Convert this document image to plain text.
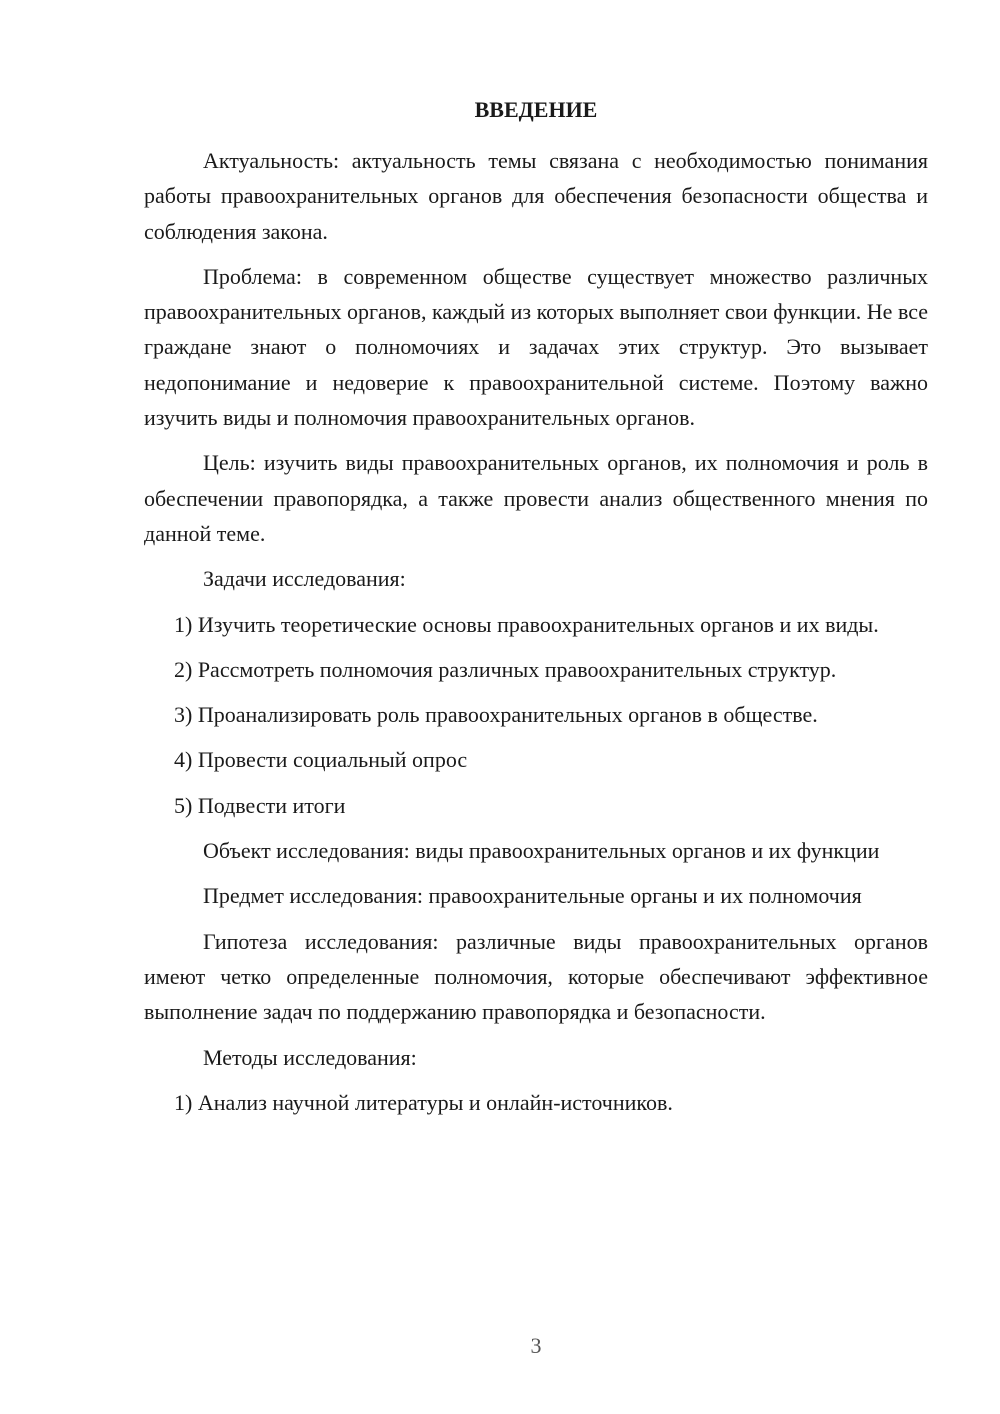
ВВЕДЕНИЕ

Актуальность: актуальность темы связана с необходимостью понимания работы правоохранительных органов для обеспечения безопасности общества и соблюдения закона.

Проблема: в современном обществе существует множество различных правоохранительных органов, каждый из которых выполняет свои функции. Не все граждане знают о полномочиях и задачах этих структур. Это вызывает недопонимание и недоверие к правоохранительной системе. Поэтому важно изучить виды и полномочия правоохранительных органов.

Цель: изучить виды правоохранительных органов, их полномочия и роль в обеспечении правопорядка, а также провести анализ общественного мнения по данной теме.

Задачи исследования:

1) Изучить теоретические основы правоохранительных органов и их виды.

2) Рассмотреть полномочия различных правоохранительных структур.

3) Проанализировать роль правоохранительных органов в обществе.

4) Провести социальный опрос

5) Подвести итоги

Объект исследования: виды правоохранительных органов и их функции

Предмет исследования: правоохранительные органы и их полномочия

Гипотеза исследования: различные виды правоохранительных органов имеют четко определенные полномочия, которые обеспечивают эффективное выполнение задач по поддержанию правопорядка и безопасности.

Методы исследования:

1) Анализ научной литературы и онлайн-источников.

3
